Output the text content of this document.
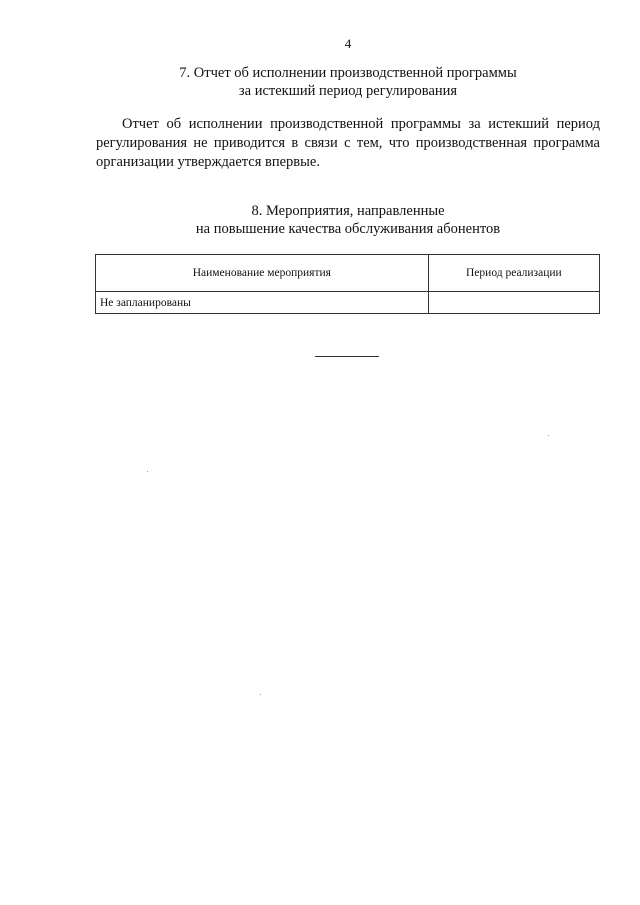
4
7. Отчет об исполнении производственной программы
за истекший период регулирования
Отчет об исполнении производственной программы за истекший период регулирования не приводится в связи с тем, что производственная программа организации утверждается впервые.
8. Мероприятия, направленные
на повышение качества обслуживания абонентов
Наименование мероприятия	Период реализации
Не запланированы	
